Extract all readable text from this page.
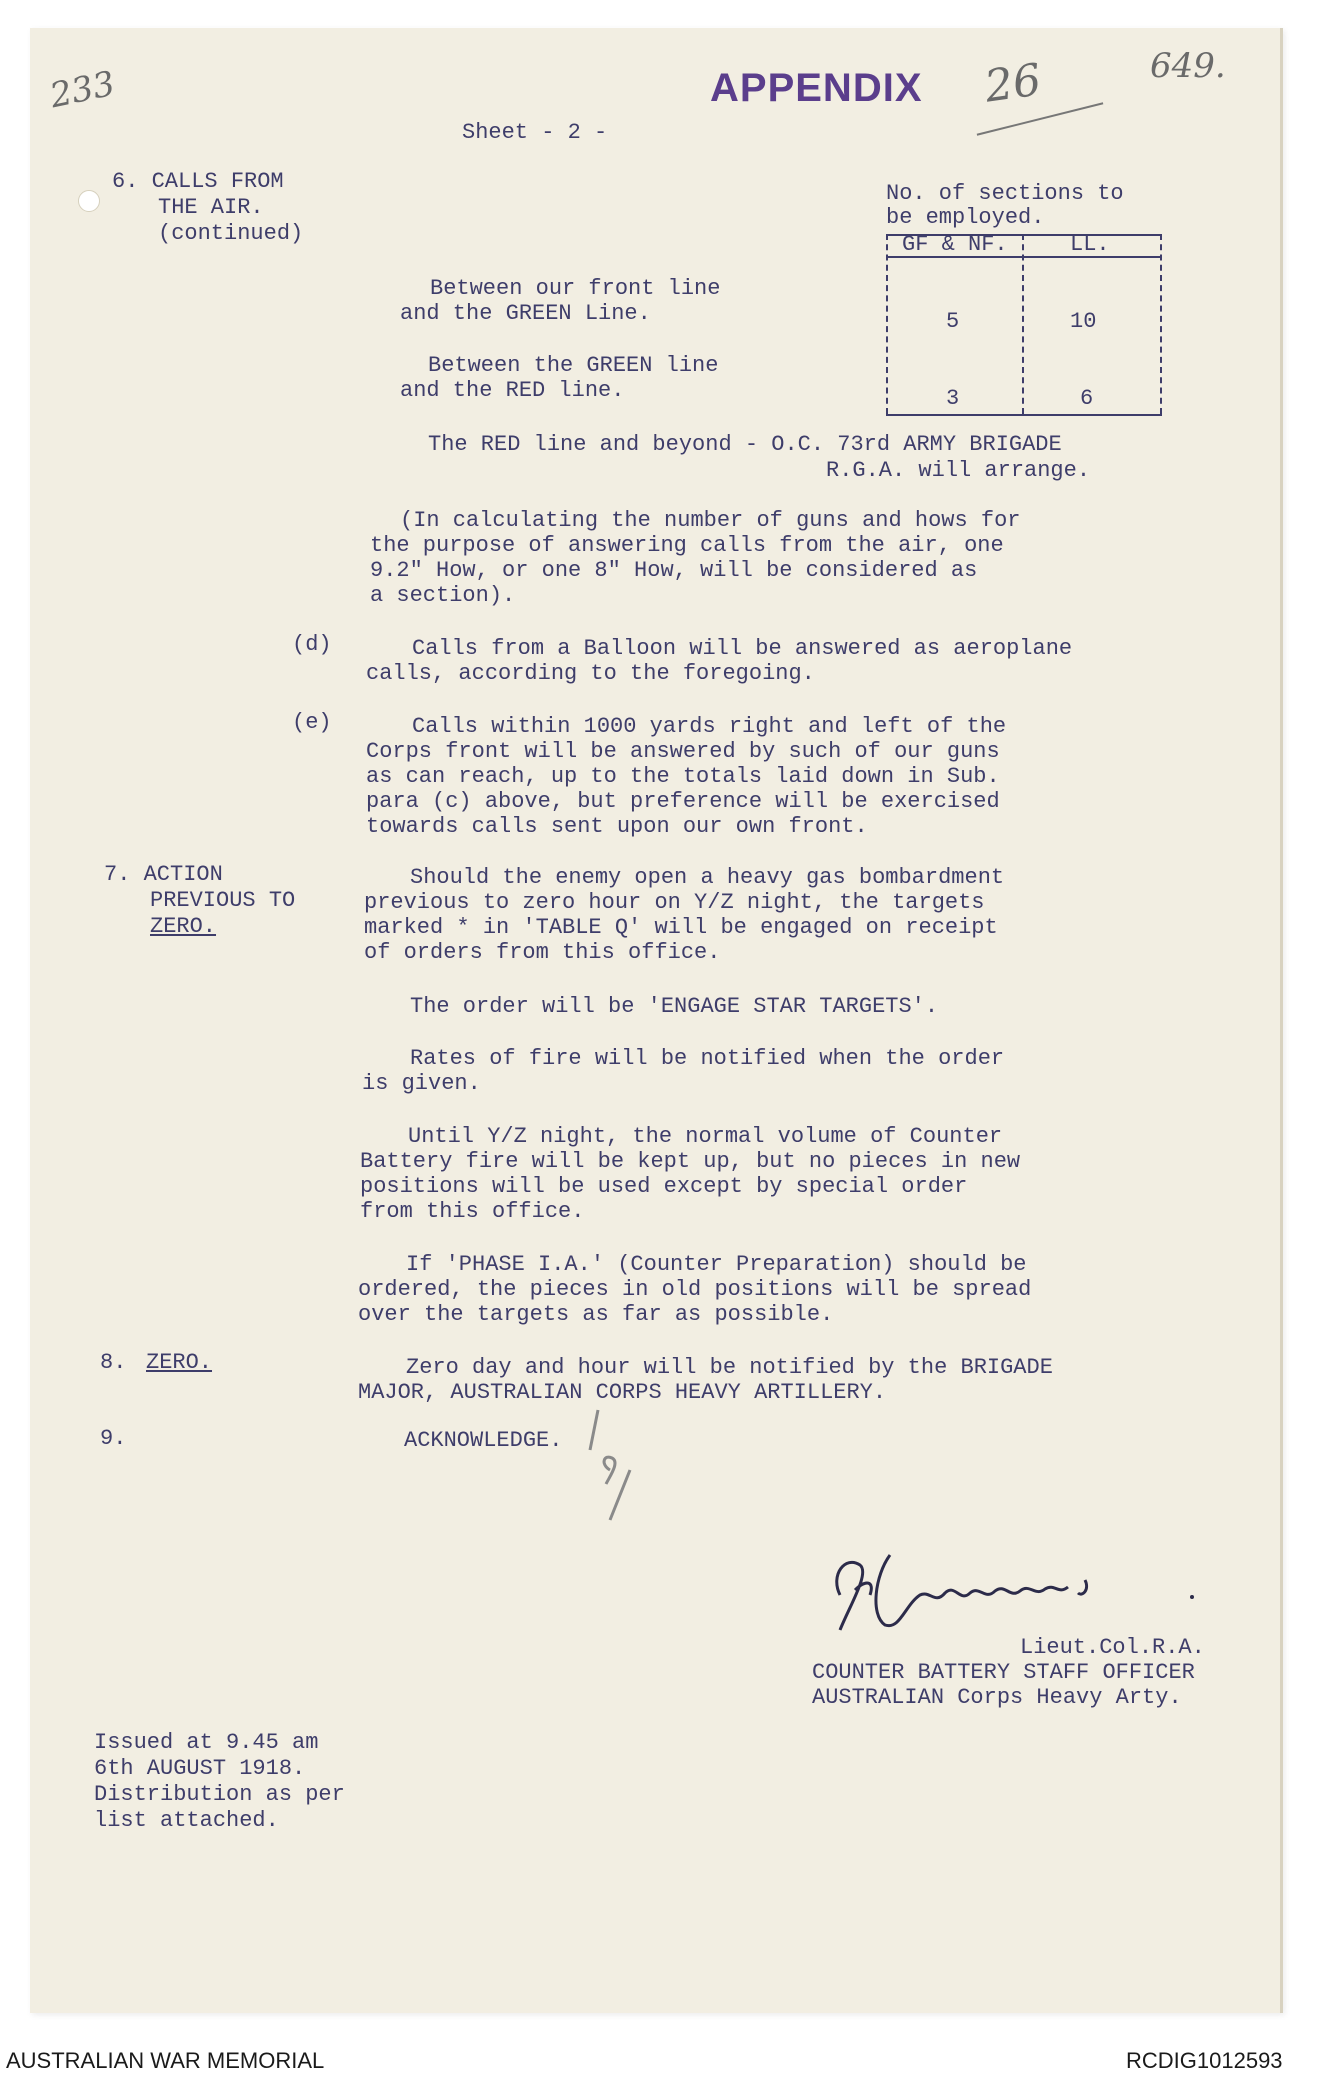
233	APPENDIX 26	649.
Sheet - 2 -
6. CALLS FROM
THE AIR.
(continued)
No. of sections to
be employed.
GF & NF.	LL.
Between our front line
and the GREEN Line.	5	10
Between the GREEN line
and the RED line.	3	6
The RED line and beyond - O.C. 73rd ARMY BRIGADE
R.G.A. will arrange.
(In calculating the number of guns and hows for
the purpose of answering calls from the air, one
9.2" How, or one 8" How, will be considered as
a section).
(d)	Calls from a Balloon will be answered as aeroplane
calls, according to the foregoing.
(e)	Calls within 1000 yards right and left of the
Corps front will be answered by such of our guns
as can reach, up to the totals laid down in Sub.
para (c) above, but preference will be exercised
towards calls sent upon our own front.
7. ACTION
PREVIOUS TO
ZERO.
Should the enemy open a heavy gas bombardment
previous to zero hour on Y/Z night, the targets
marked * in 'TABLE Q' will be engaged on receipt
of orders from this office.
The order will be 'ENGAGE STAR TARGETS'.
Rates of fire will be notified when the order
is given.
Until Y/Z night, the normal volume of Counter
Battery fire will be kept up, but no pieces in new
positions will be used except by special order
from this office.
If 'PHASE I.A.' (Counter Preparation) should be
ordered, the pieces in old positions will be spread
over the targets as far as possible.
8. ZERO.	Zero day and hour will be notified by the BRIGADE
MAJOR, AUSTRALIAN CORPS HEAVY ARTILLERY.
9.	ACKNOWLEDGE.
Lieut.Col.R.A.
COUNTER BATTERY STAFF OFFICER
AUSTRALIAN Corps Heavy Arty.
Issued at 9.45 am
6th AUGUST 1918.
Distribution as per
list attached.
AUSTRALIAN WAR MEMORIAL	RCDIG1012593
